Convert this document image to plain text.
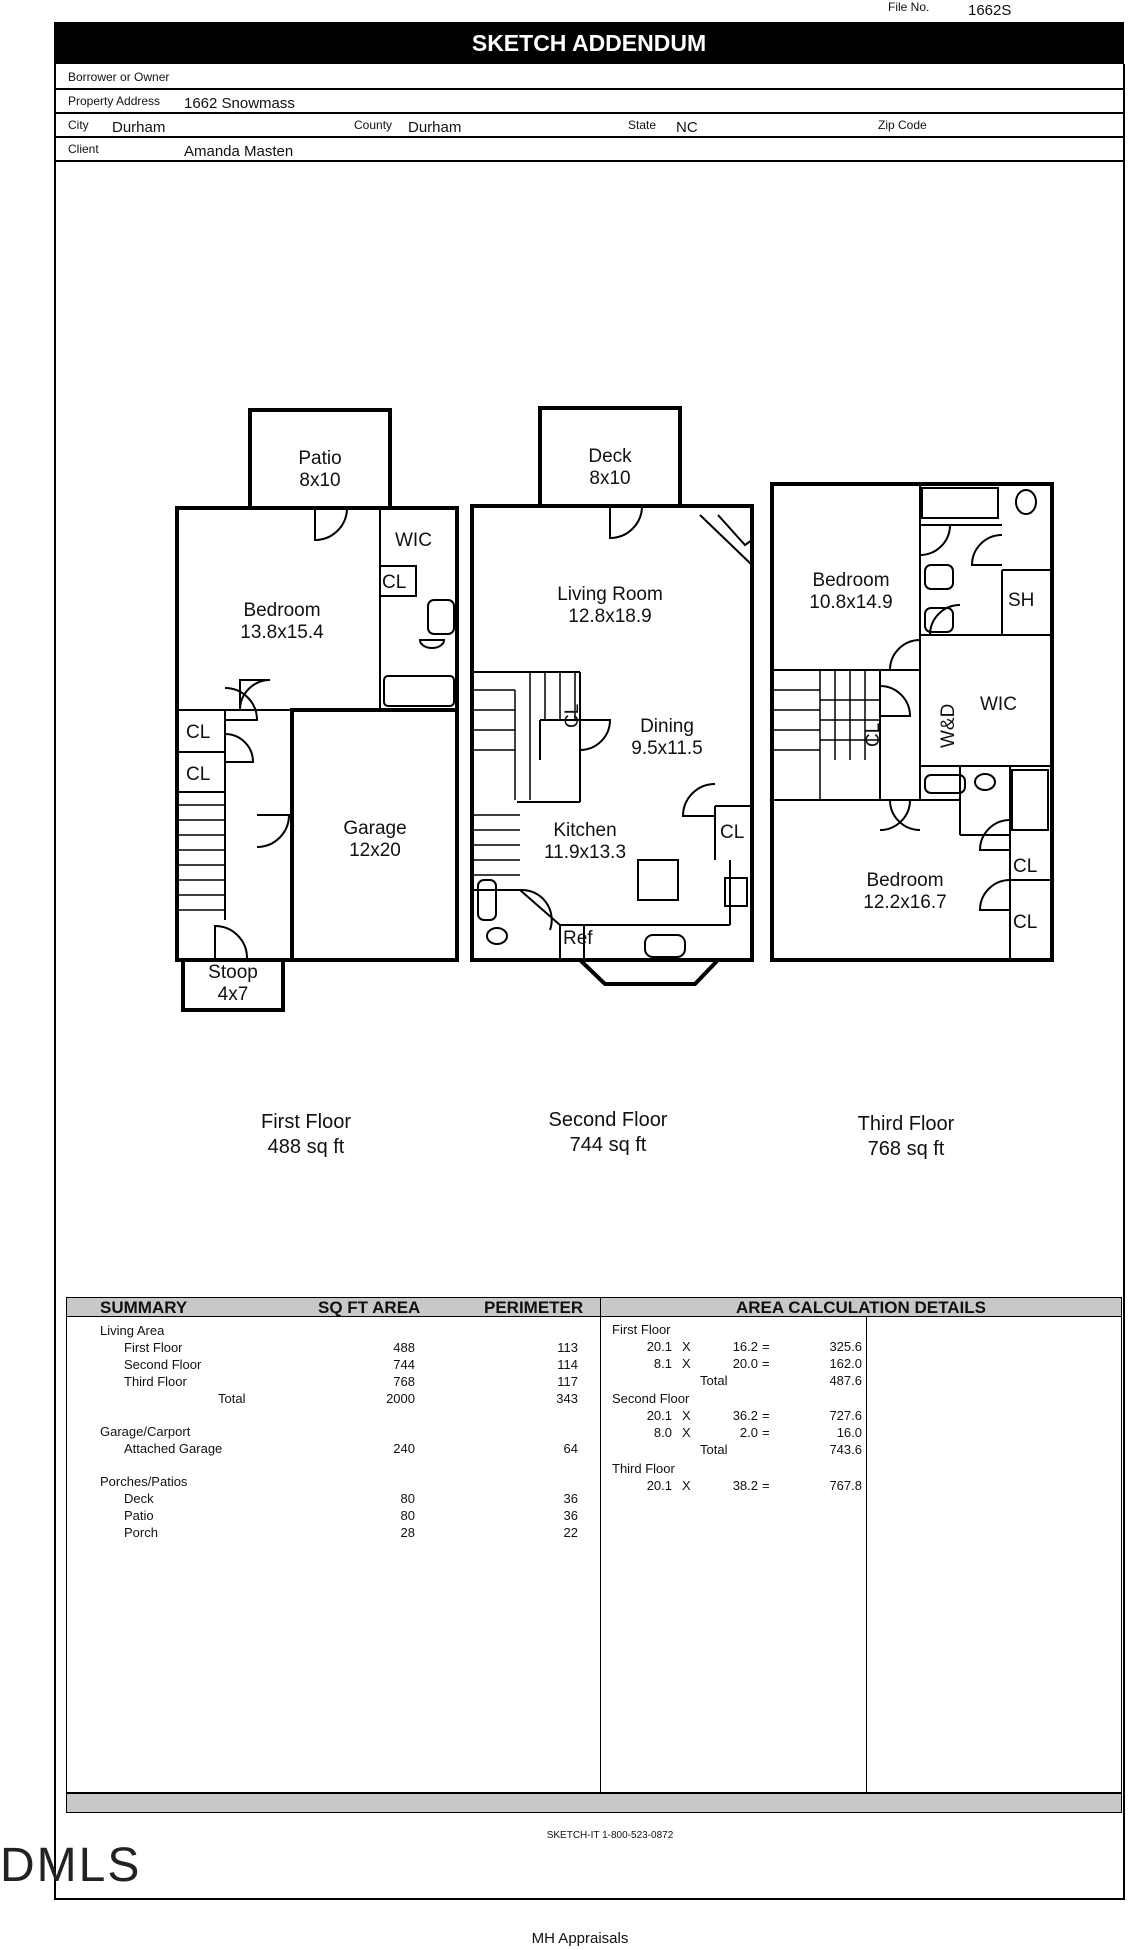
File No.	1662S
SKETCH ADDENDUM
Borrower or Owner
Property Address 1662 Snowmass
City Durham	County Durham	State NC	Zip Code
Client	Amanda Masten
Patio
8x10
Deck
8x10
WIC
CL
Bedroom
13.8x15.4
CL
CL
Garage
12x20
Stoop
4x7
Living Room
12.8x18.9
CL	Dining
9.5x11.5
Kitchen
11.9x13.3
CL
Ref
Bedroom
10.8x14.9	SH
CL	W&D WIC
Bedroom
12.2x16.7
CL
CL
First Floor
488 sq ft
Second Floor
744 sq ft
Third Floor
768 sq ft
SUMMARY	SQ FT AREA	PERIMETER	AREA CALCULATION DETAILS
Living Area
First Floor	488	113
Second Floor	744	114
Third Floor	768	117
Total	2000	343
Garage/Carport
Attached Garage	240	64
Porches/Patios
Deck	80	36
Patio	80	36
Porch	28	22
First Floor
20.1 X	16.2 =	325.6
8.1 X	20.0 =	162.0
Total	487.6
Second Floor
20.1 X	36.2 =	727.6
8.0 X	2.0 =	16.0
Total	743.6
Third Floor
20.1 X	38.2 =	767.8
SKETCH-IT 1-800-523-0872
DMLS
MH Appraisals
